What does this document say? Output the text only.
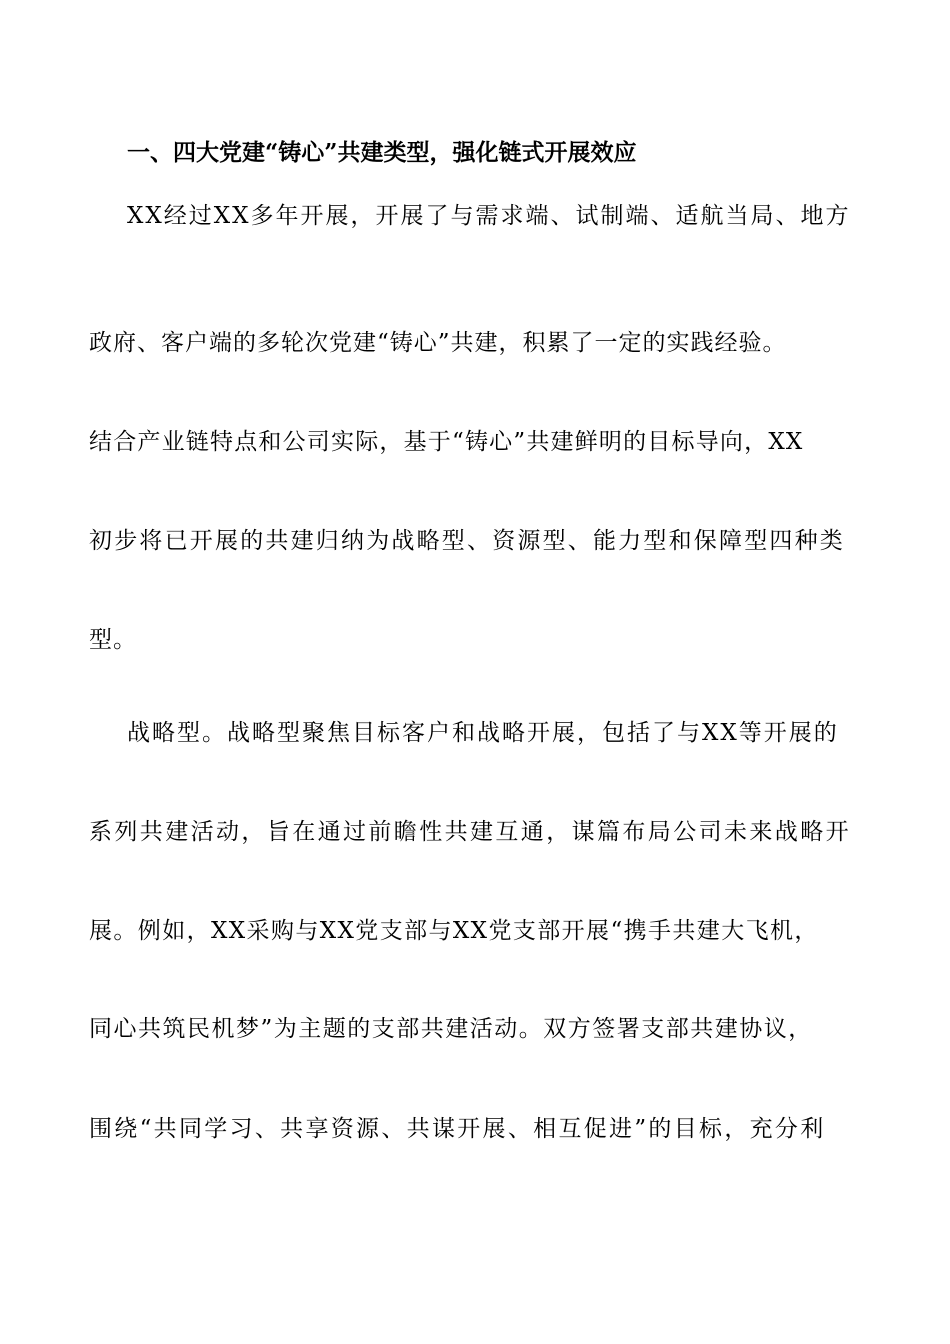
一、四大党建“铸心”共建类型，强化链式开展效应
XX经过XX多年开展，开展了与需求端、试制端、适航当局、地方
政府、客户端的多轮次党建“铸心”共建，积累了一定的实践经验。
结合产业链特点和公司实际，基于“铸心”共建鲜明的目标导向，XX
初步将已开展的共建归纳为战略型、资源型、能力型和保障型四种类
型。
战略型。战略型聚焦目标客户和战略开展，包括了与XX等开展的
系列共建活动，旨在通过前瞻性共建互通，谋篇布局公司未来战略开
展。例如，XX采购与XX党支部与XX党支部开展“携手共建大飞机，
同心共筑民机梦”为主题的支部共建活动。双方签署支部共建协议，
围绕“共同学习、共享资源、共谋开展、相互促进”的目标，充分利
